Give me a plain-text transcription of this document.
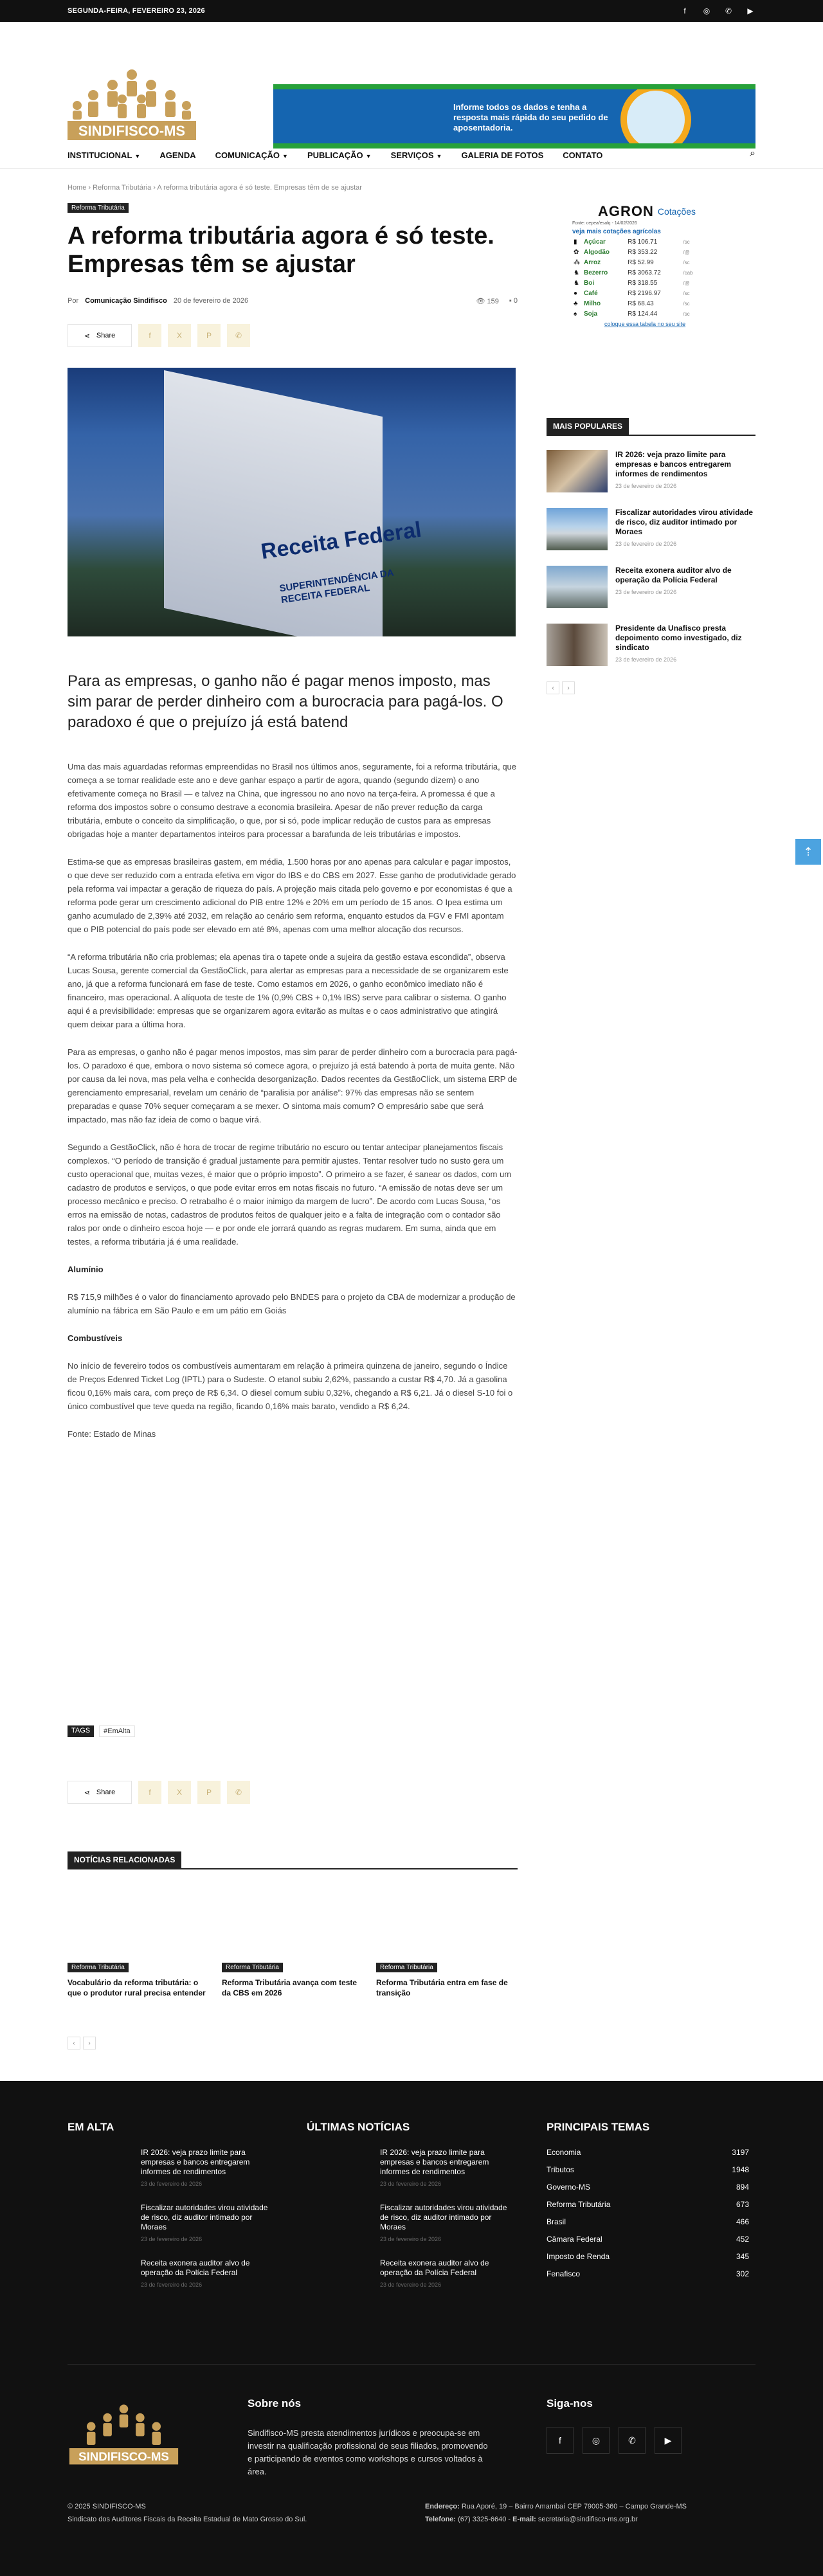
SEGUNDA-FEIRA, FEVEREIRO 23, 2026	f	◎ ✆ ▶
SINDIFISCO-MS
Informe todos os dados e tenha a resposta mais rápida do seu pedido de aposentadoria.
INSTITUCIONAL ▼ AGENDA COMUNICAÇÃO ▼ PUBLICAÇÃO ▼ SERVIÇOS ▼ GALERIA DE FOTOS CONTATO	⌕
Home › Reforma Tributária › A reforma tributária agora é só teste. Empresas têm de se ajustar
Reforma Tributária
A reforma tributária agora é só teste. Empresas têm se ajustar
Por Comunicação Sindifisco 20 de fevereiro de 2026	👁 159 ▪ 0
⋖ Share	f	X	P	✆
Receita Federal
SUPERINTENDÊNCIA DA RECEITA FEDERAL

Para as empresas, o ganho não é pagar menos imposto, mas sim parar de perder dinheiro com a burocracia para pagá-los. O paradoxo é que o prejuízo já está batend

Uma das mais aguardadas reformas empreendidas no Brasil nos últimos anos, seguramente, foi a reforma tributária, que começa a se tornar realidade este ano e deve ganhar espaço a partir de agora, quando (segundo dizem) o ano efetivamente começa no Brasil — e talvez na China, que ingressou no ano novo na terça-feira. A promessa é que a reforma dos impostos sobre o consumo destrave a economia brasileira. Apesar de não prever redução da carga tributária, embute o conceito da simplificação, o que, por si só, pode implicar redução de custos para as empresas obrigadas hoje a manter departamentos inteiros para processar a barafunda de leis tributárias e impostos.

Estima-se que as empresas brasileiras gastem, em média, 1.500 horas por ano apenas para calcular e pagar impostos, o que deve ser reduzido com a entrada efetiva em vigor do IBS e do CBS em 2027. Esse ganho de produtividade gerado pela reforma vai impactar a geração de riqueza do país. A projeção mais citada pelo governo e por economistas é que a reforma pode gerar um crescimento adicional do PIB entre 12% e 20% em um período de 15 anos. O Ipea estima um ganho acumulado de 2,39% até 2032, em relação ao cenário sem reforma, enquanto estudos da FGV e FMI apontam que o PIB potencial do país pode ser elevado em até 8%, apenas com uma melhor alocação dos recursos.

“A reforma tributária não cria problemas; ela apenas tira o tapete onde a sujeira da gestão estava escondida”, observa Lucas Sousa, gerente comercial da GestãoClick, para alertar as empresas para a necessidade de se organizarem este ano, já que a reforma funcionará em fase de teste. Como estamos em 2026, o ganho econômico imediato não é financeiro, mas operacional. A alíquota de teste de 1% (0,9% CBS + 0,1% IBS) serve para calibrar o sistema. O ganho aqui é a previsibilidade: empresas que se organizarem agora evitarão as multas e o caos administrativo que atingirá quem deixar para a última hora.

Para as empresas, o ganho não é pagar menos impostos, mas sim parar de perder dinheiro com a burocracia para pagá-los. O paradoxo é que, embora o novo sistema só comece agora, o prejuízo já está batendo à porta de muita gente. Não por causa da lei nova, mas pela velha e conhecida desorganização. Dados recentes da GestãoClick, um sistema ERP de gerenciamento empresarial, revelam um cenário de “paralisia por análise”: 97% das empresas não se sentem preparadas e quase 70% sequer começaram a se mexer. O sintoma mais comum? O empresário sabe que será impactado, mas não faz ideia de como o baque virá.

Segundo a GestãoClick, não é hora de trocar de regime tributário no escuro ou tentar antecipar planejamentos fiscais complexos. “O período de transição é gradual justamente para permitir ajustes. Tentar resolver tudo no susto gera um custo operacional que, muitas vezes, é maior que o próprio imposto”. O primeiro a se fazer, é sanear os dados, com um cadastro de produtos e serviços, o que pode evitar erros em notas fiscais no futuro. “A emissão de notas deve ser um processo mecânico e preciso. O retrabalho é o maior inimigo da margem de lucro”. De acordo com Lucas Sousa, “os erros na emissão de notas, cadastros de produtos feitos de qualquer jeito e a falta de integração com o contador são ralos por onde o dinheiro escoa hoje — e por onde ele jorrará quando as regras mudarem. Em suma, ainda que em testes, a reforma tributária já é uma realidade.

Alumínio

R$ 715,9 milhões é o valor do financiamento aprovado pelo BNDES para o projeto da CBA de modernizar a produção de alumínio na fábrica em São Paulo e em um pátio em Goiás

Combustíveis

No início de fevereiro todos os combustíveis aumentaram em relação à primeira quinzena de janeiro, segundo o Índice de Preços Edenred Ticket Log (IPTL) para o Sudeste. O etanol subiu 2,62%, passando a custar R$ 4,70. Já a gasolina ficou 0,16% mais cara, com preço de R$ 6,34. O diesel comum subiu 0,32%, chegando a R$ 6,21. Já o diesel S-10 foi o único combustível que teve queda na região, ficando 0,16% mais barato, vendido a R$ 6,24.

Fonte: Estado de Minas

TAGS	#EmAlta
⋖ Share	f	X	P	✆
NOTÍCIAS RELACIONADAS
Reforma Tributária
Vocabulário da reforma tributária: o que o produtor rural precisa entender
Reforma Tributária
Reforma Tributária avança com teste da CBS em 2026
Reforma Tributária
Reforma Tributária entra em fase de transição
‹	›
AGRON Cotações
Fonte: cepea/esalq - 14/02/2026
veja mais cotações agrícolas
▮	Açúcar	R$ 106.71	/sc
✿	Algodão	R$ 353.22	/@
⁂	Arroz	R$ 52.99	/sc
♞	Bezerro	R$ 3063.72	/cab
♞	Boi	R$ 318.55	/@
●	Café	R$ 2196.97	/sc
♣	Milho	R$ 68.43	/sc
♠	Soja	R$ 124.44	/sc
coloque essa tabela no seu site
MAIS POPULARES
IR 2026: veja prazo limite para empresas e bancos entregarem informes de rendimentos
23 de fevereiro de 2026
Fiscalizar autoridades virou atividade de risco, diz auditor intimado por Moraes
23 de fevereiro de 2026
Receita exonera auditor alvo de operação da Polícia Federal
23 de fevereiro de 2026
Presidente da Unafisco presta depoimento como investigado, diz sindicato
23 de fevereiro de 2026
‹	›
⇡
EM ALTA
IR 2026: veja prazo limite para empresas e bancos entregarem informes de rendimentos
23 de fevereiro de 2026
Fiscalizar autoridades virou atividade de risco, diz auditor intimado por Moraes
23 de fevereiro de 2026
Receita exonera auditor alvo de operação da Polícia Federal
23 de fevereiro de 2026
ÚLTIMAS NOTÍCIAS
IR 2026: veja prazo limite para empresas e bancos entregarem informes de rendimentos
23 de fevereiro de 2026
Fiscalizar autoridades virou atividade de risco, diz auditor intimado por Moraes
23 de fevereiro de 2026
Receita exonera auditor alvo de operação da Polícia Federal
23 de fevereiro de 2026
PRINCIPAIS TEMAS
Economia	3197
Tributos	1948
Governo-MS	894
Reforma Tributária	673
Brasil	466
Câmara Federal	452
Imposto de Renda	345
Fenafisco	302
SINDIFISCO-MS
Sobre nós

Sindifisco-MS presta atendimentos jurídicos e preocupa-se em investir na qualificação profissional de seus filiados, promovendo e participando de eventos como workshops e cursos voltados à área.

Siga-nos
f	◎	✆	▶
© 2025 SINDIFISCO-MS
Sindicato dos Auditores Fiscais da Receita Estadual de Mato Grosso do Sul.
Endereço: Rua Aporé, 19 – Bairro Amambaí CEP 79005-360 – Campo Grande-MS
Telefone: (67) 3325-6640 - E-mail: secretaria@sindifisco-ms.org.br
